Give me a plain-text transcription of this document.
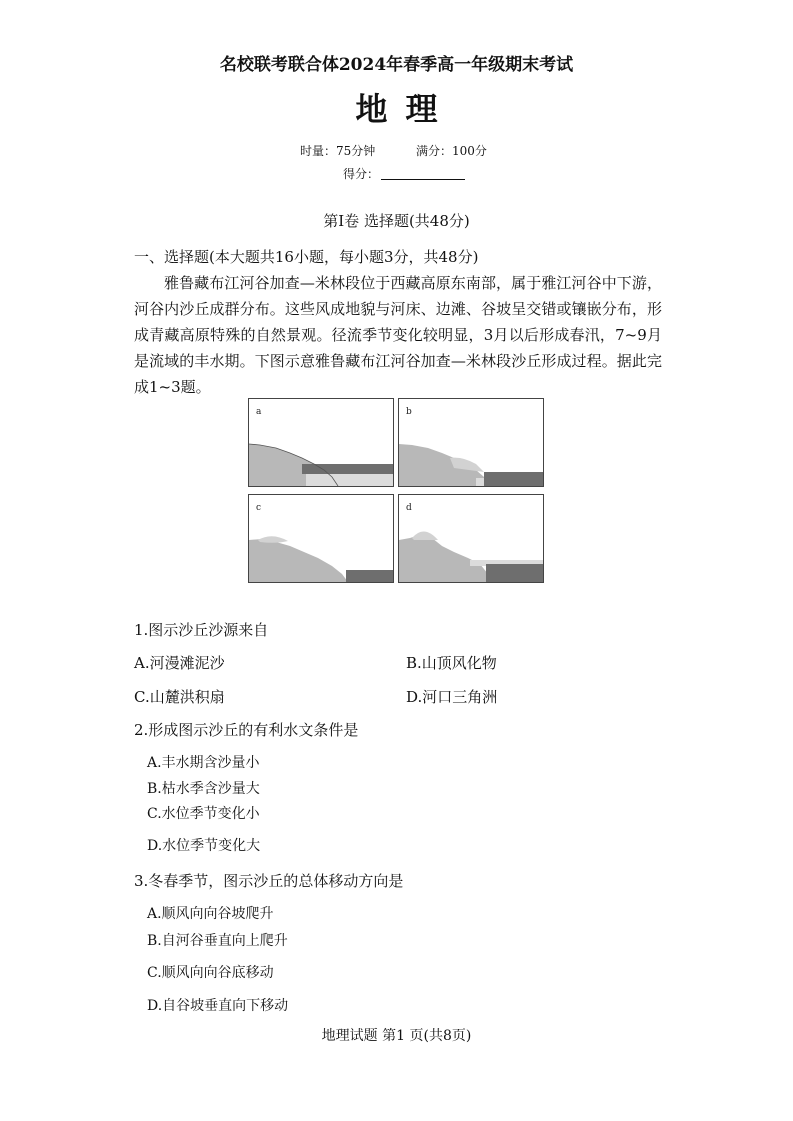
名校联考联合体2024年春季高一年级期末考试
地理
时量：75分钟	满分：100分
得分：
第Ⅰ卷 选择题(共48分)
一、选择题(本大题共16小题，每小题3分，共48分)
雅鲁藏布江河谷加查—米林段位于西藏高原东南部，属于雅江河谷中下游，河谷内沙丘成群分布。这些风成地貌与河床、边滩、谷坡呈交错或镶嵌分布，形成青藏高原特殊的自然景观。径流季节变化较明显，3月以后形成春汛，7~9月是流域的丰水期。下图示意雅鲁藏布江河谷加查—米林段沙丘形成过程。据此完成1~3题。
a	b
c	d
1.图示沙丘沙源来自
A.河漫滩泥沙	B.山顶风化物
C.山麓洪积扇	D.河口三角洲
2.形成图示沙丘的有利水文条件是
A.丰水期含沙量小
B.枯水季含沙量大
C.水位季节变化小
D.水位季节变化大
3.冬春季节，图示沙丘的总体移动方向是
A.顺风向向谷坡爬升
B.自河谷垂直向上爬升
C.顺风向向谷底移动
D.自谷坡垂直向下移动
地理试题 第1 页(共8页)
